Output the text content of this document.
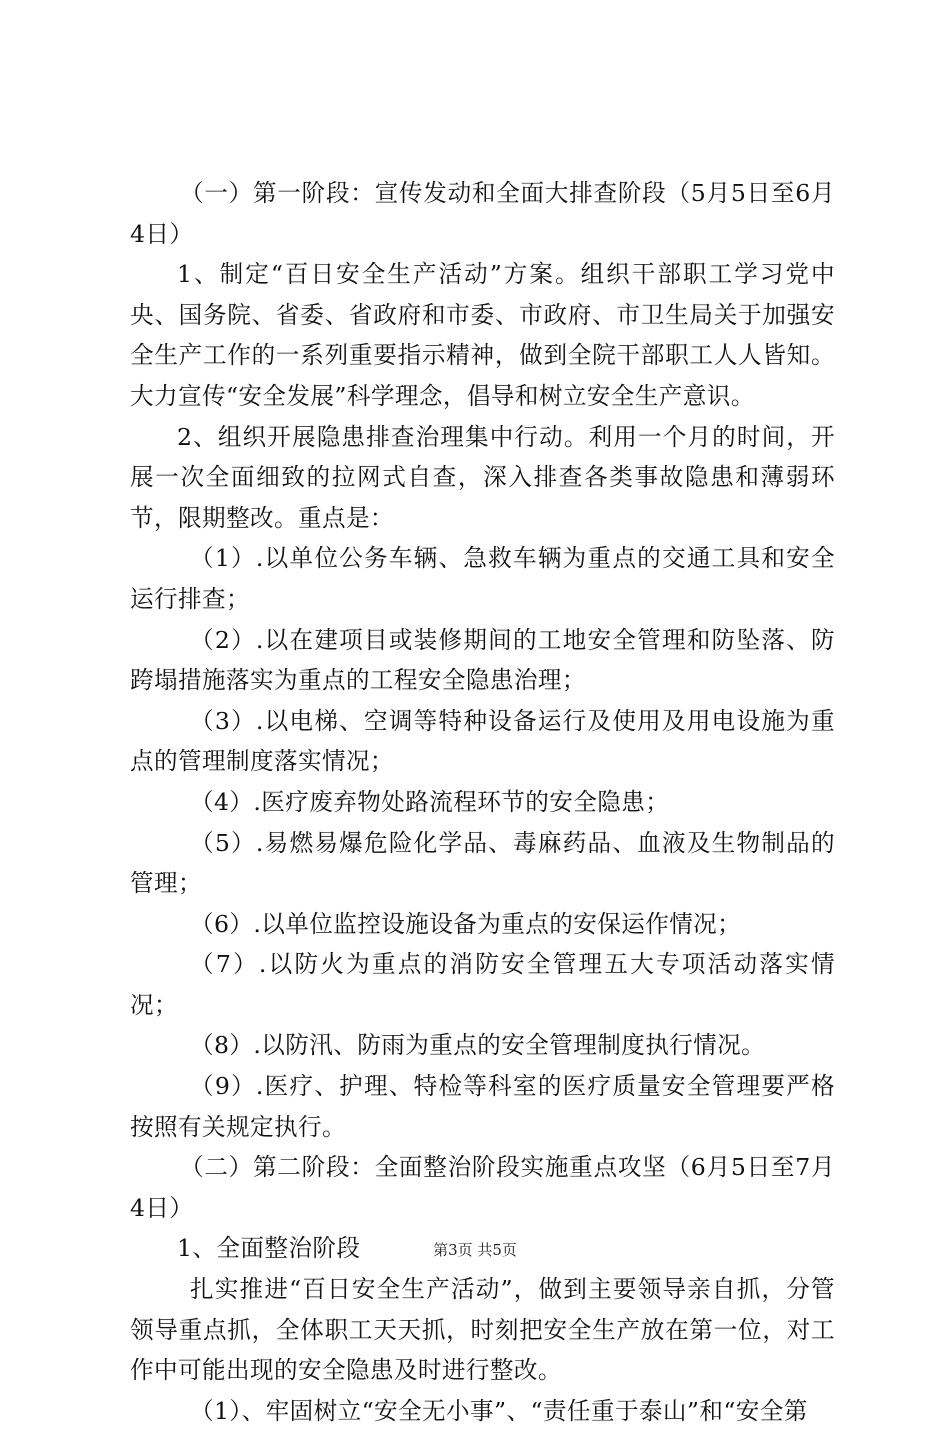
（一）第一阶段：宣传发动和全面大排查阶段（5月5日至6月4日）

1、制定“百日安全生产活动”方案。组织干部职工学习党中央、国务院、省委、省政府和市委、市政府、市卫生局关于加强安全生产工作的一系列重要指示精神，做到全院干部职工人人皆知。大力宣传“安全发展”科学理念，倡导和树立安全生产意识。

2、组织开展隐患排查治理集中行动。利用一个月的时间，开展一次全面细致的拉网式自查，深入排查各类事故隐患和薄弱环节，限期整改。重点是：

（1）.以单位公务车辆、急救车辆为重点的交通工具和安全运行排查；

（2）.以在建项目或装修期间的工地安全管理和防坠落、防跨塌措施落实为重点的工程安全隐患治理；

（3）.以电梯、空调等特种设备运行及使用及用电设施为重点的管理制度落实情况；

（4）.医疗废弃物处路流程环节的安全隐患；

（5）.易燃易爆危险化学品、毒麻药品、血液及生物制品的管理；

（6）.以单位监控设施设备为重点的安保运作情况；

（7）.以防火为重点的消防安全管理五大专项活动落实情况；

（8）.以防汛、防雨为重点的安全管理制度执行情况。

（9）.医疗、护理、特检等科室的医疗质量安全管理要严格按照有关规定执行。

（二）第二阶段：全面整治阶段实施重点攻坚（6月5日至7月4日）

1、全面整治阶段

扎实推进“百日安全生产活动”，做到主要领导亲自抓，分管领导重点抓，全体职工天天抓，时刻把安全生产放在第一位，对工作中可能出现的安全隐患及时进行整改。

（1）、牢固树立“安全无小事”、“责任重于泰山”和“安全第

第3页 共5页
